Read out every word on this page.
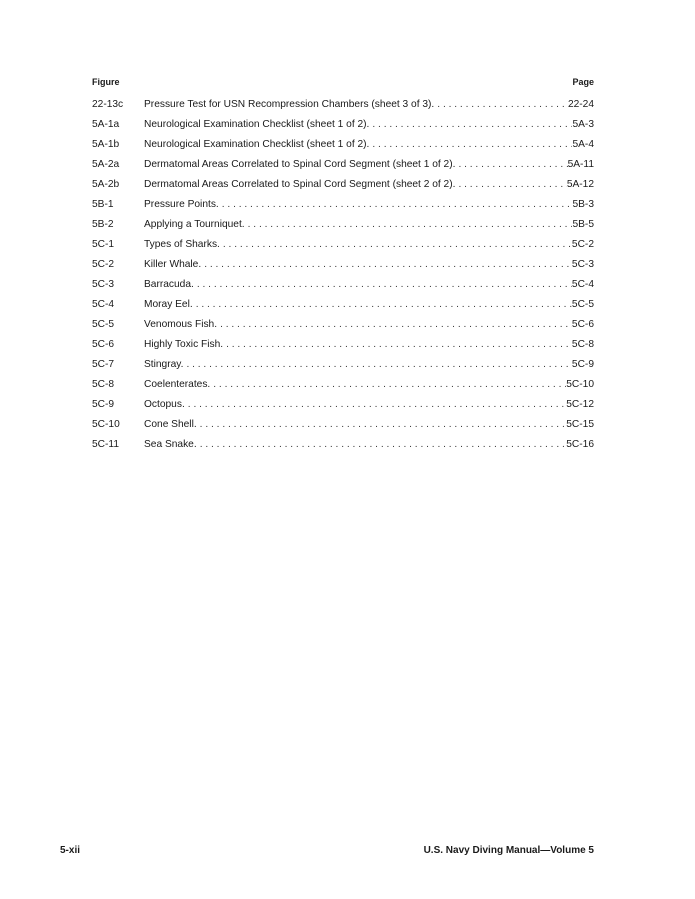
Figure	Page
22-13c	Pressure Test for USN Recompression Chambers (sheet 3 of 3). . . .	22-24
5A-1a	Neurological Examination Checklist (sheet 1 of 2). . . .	5A-3
5A-1b	Neurological Examination Checklist (sheet 1 of 2). . . .	5A-4
5A-2a	Dermatomal Areas Correlated to Spinal Cord Segment (sheet 1 of 2). . . .	5A-11
5A-2b	Dermatomal Areas Correlated to Spinal Cord Segment (sheet 2 of 2). . . .	5A-12
5B-1	Pressure Points. . . .	5B-3
5B-2	Applying a Tourniquet. . . .	5B-5
5C-1	Types of Sharks. . . .	5C-2
5C-2	Killer Whale. . . .	5C-3
5C-3	Barracuda. . . .	5C-4
5C-4	Moray Eel. . . .	5C-5
5C-5	Venomous Fish. . . .	5C-6
5C-6	Highly Toxic Fish. . . .	5C-8
5C-7	Stingray. . . .	5C-9
5C-8	Coelenterates. . . .	5C-10
5C-9	Octopus. . . .	5C-12
5C-10	Cone Shell. . . .	5C-15
5C-11	Sea Snake. . . .	5C-16
5-xii	U.S. Navy Diving Manual—Volume 5
